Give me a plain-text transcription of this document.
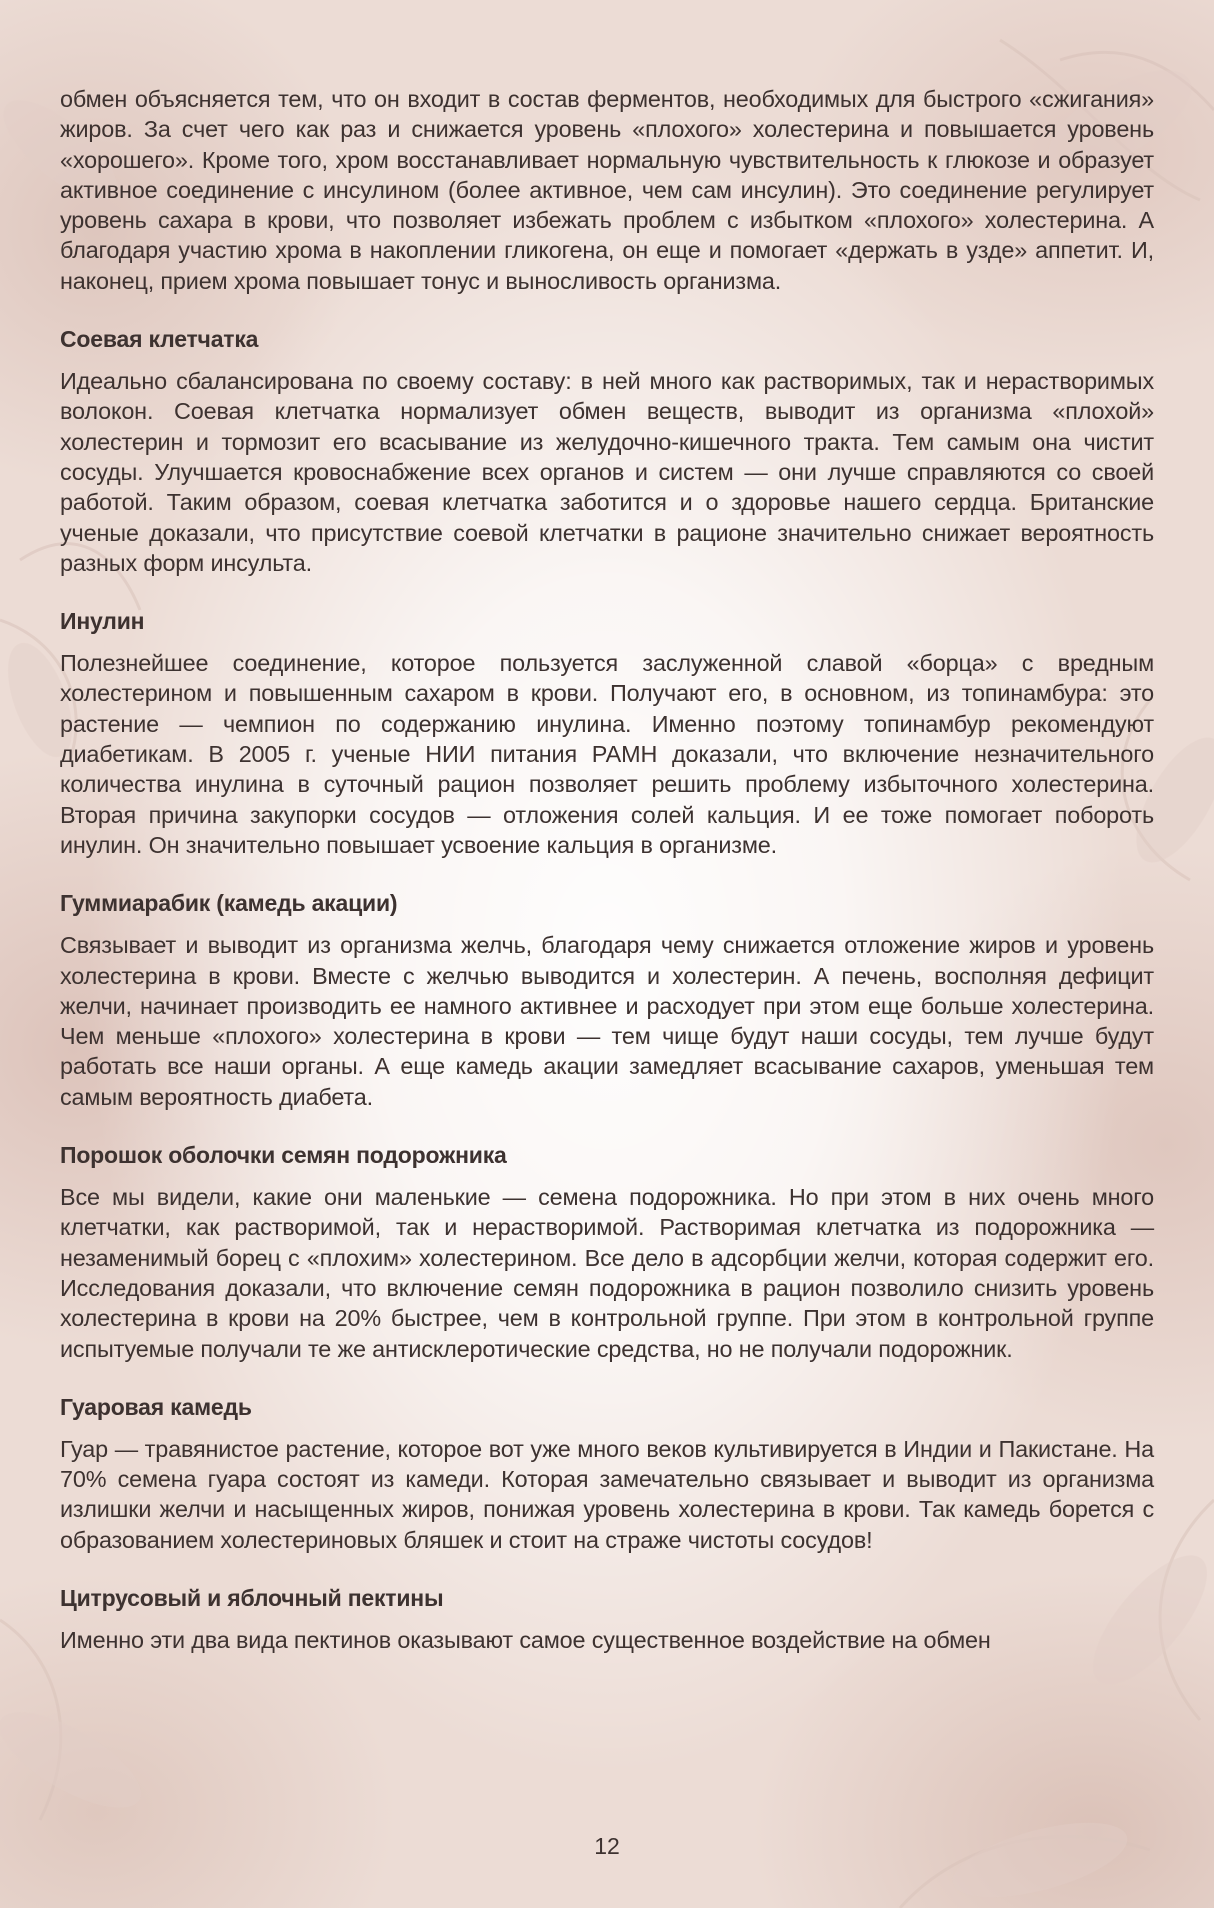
обмен объясняется тем, что он входит в состав ферментов, необходимых для быстрого «сжигания» жиров. За счет чего как раз и снижается уровень «плохого» холестерина и повышается уровень «хорошего». Кроме того, хром восстанавливает нормальную чувствительность к глюкозе и образует активное соединение с инсулином (более активное, чем сам инсулин). Это соединение регулирует уровень сахара в крови, что позволяет избежать проблем с избытком «плохого» холестерина. А благодаря участию хрома в накоплении гликогена, он еще и помогает «держать в узде» аппетит. И, наконец, прием хрома повышает тонус и выносливость организма.

Соевая клетчатка

Идеально сбалансирована по своему составу: в ней много как растворимых, так и нерастворимых волокон. Соевая клетчатка нормализует обмен веществ, выводит из организма «плохой» холестерин и тормозит его всасывание из желудочно-кишечного тракта. Тем самым она чистит сосуды. Улучшается кровоснабжение всех органов и систем — они лучше справляются со своей работой. Таким образом, соевая клетчатка заботится и о здоровье нашего сердца. Британские ученые доказали, что присутствие соевой клетчатки в рационе значительно снижает вероятность разных форм инсульта.

Инулин

Полезнейшее соединение, которое пользуется заслуженной славой «борца» с вредным холестерином и повышенным сахаром в крови. Получают его, в основном, из топинамбура: это растение — чемпион по содержанию инулина. Именно поэтому топинамбур рекомендуют диабетикам. В 2005 г. ученые НИИ питания РАМН доказали, что включение незначительного количества инулина в суточный рацион позволяет решить проблему избыточного холестерина. Вторая причина закупорки сосудов — отложения солей кальция. И ее тоже помогает побороть инулин. Он значительно повышает усвоение кальция в организме.

Гуммиарабик (камедь акации)

Связывает и выводит из организма желчь, благодаря чему снижается отложение жиров и уровень холестерина в крови. Вместе с желчью выводится и холестерин. А печень, восполняя дефицит желчи, начинает производить ее намного активнее и расходует при этом еще больше холестерина. Чем меньше «плохого» холестерина в крови — тем чище будут наши сосуды, тем лучше будут работать все наши органы. А еще камедь акации замедляет всасывание сахаров, уменьшая тем самым вероятность диабета.

Порошок оболочки семян подорожника

Все мы видели, какие они маленькие — семена подорожника. Но при этом в них очень много клетчатки, как растворимой, так и нерастворимой. Растворимая клетчатка из подорожника — незаменимый борец с «плохим» холестерином. Все дело в адсорбции желчи, которая содержит его. Исследования доказали, что включение семян подорожника в рацион позволило снизить уровень холестерина в крови на 20% быстрее, чем в контрольной группе. При этом в контрольной группе испытуемые получали те же антисклеротические средства, но не получали подорожник.

Гуаровая камедь

Гуар — травянистое растение, которое вот уже много веков культивируется в Индии и Пакистане. На 70% семена гуара состоят из камеди. Которая замечательно связывает и выводит из организма излишки желчи и насыщенных жиров, понижая уровень холестерина в крови. Так камедь борется с образованием холестериновых бляшек и стоит на страже чистоты сосудов!

Цитрусовый и яблочный пектины

Именно эти два вида пектинов оказывают самое существенное воздействие на обмен

12
